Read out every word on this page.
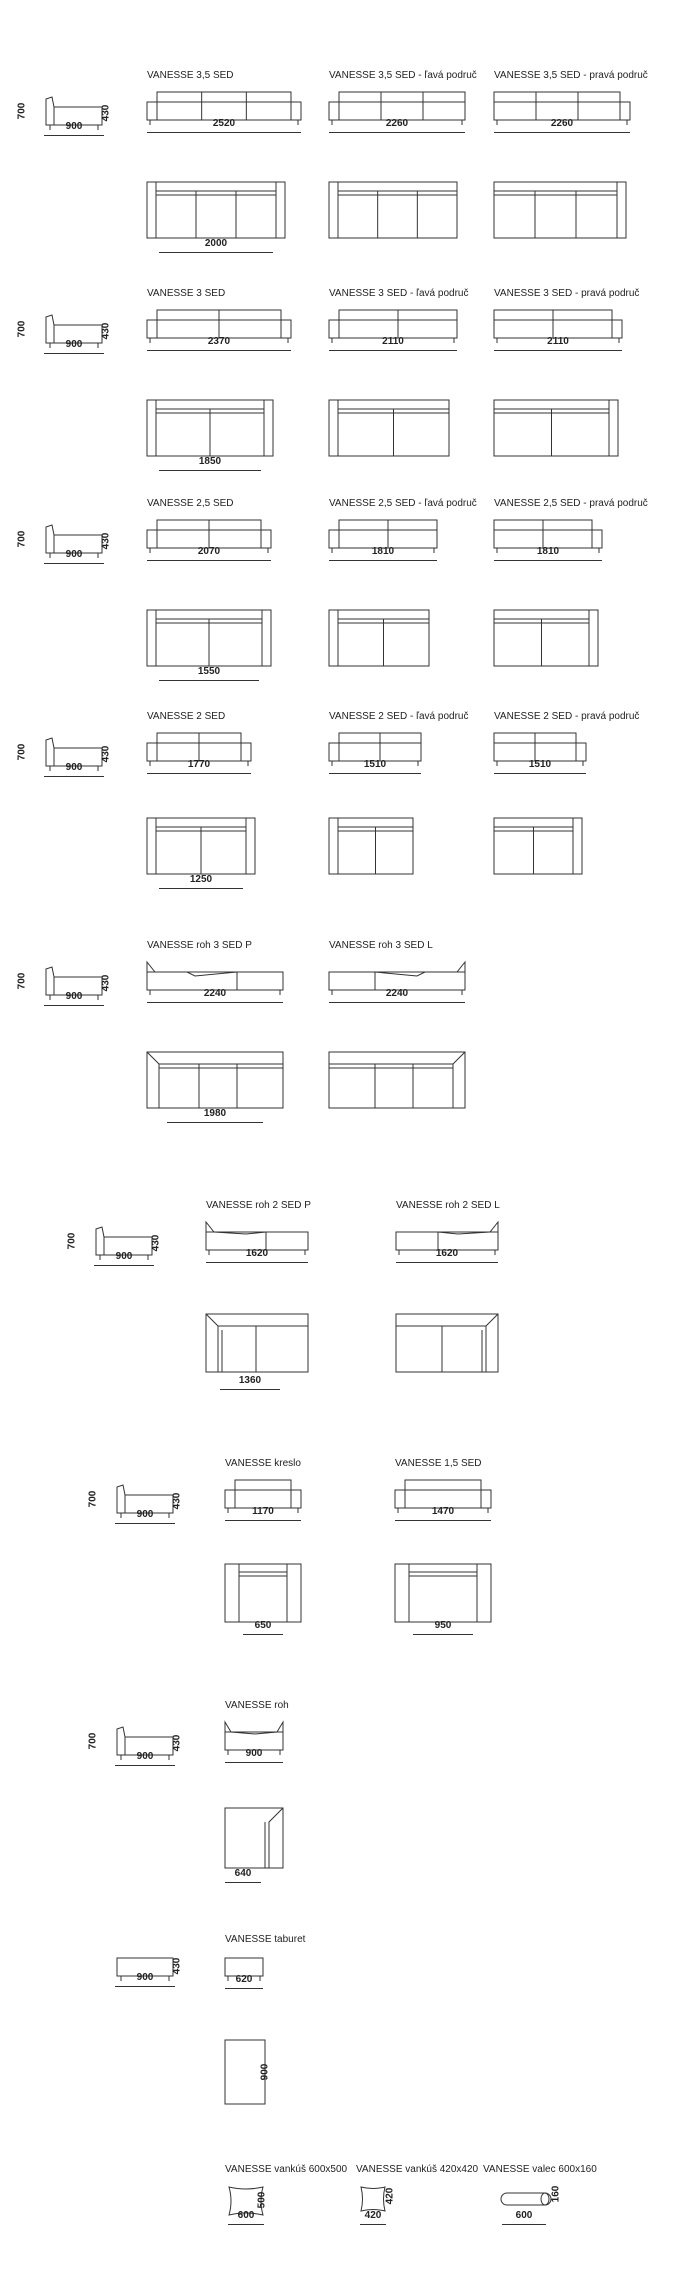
900
700	430
VANESSE 3,5 SED
2520
VANESSE 3,5 SED - ľavá područ
2260
VANESSE 3,5 SED - pravá područ
2260
2000
900
700	430
VANESSE 3 SED
2370
VANESSE 3 SED - ľavá područ
2110
VANESSE 3 SED - pravá područ
2110
1850
900
700	430
VANESSE 2,5 SED
2070
VANESSE 2,5 SED - ľavá područ
1810
VANESSE 2,5 SED - pravá područ
1810
1550
900
700	430
VANESSE 2 SED
1770
VANESSE 2 SED - ľavá područ
1510
VANESSE 2 SED - pravá područ
1510
1250
900
700	430
VANESSE roh 3 SED P
2240
1980
VANESSE roh 3 SED L
2240
900
700	430
VANESSE roh 2 SED P
1620
1360
VANESSE roh 2 SED L
1620
900
700	430
VANESSE kreslo
1170
650
VANESSE 1,5 SED
1470
950
900
700	430
VANESSE roh
900
640
900
430
VANESSE taburet
620
900
VANESSE vankúš 600x500 VANESSE vankúš 420x420 VANESSE valec 600x160
600
500
420
420
600
160
